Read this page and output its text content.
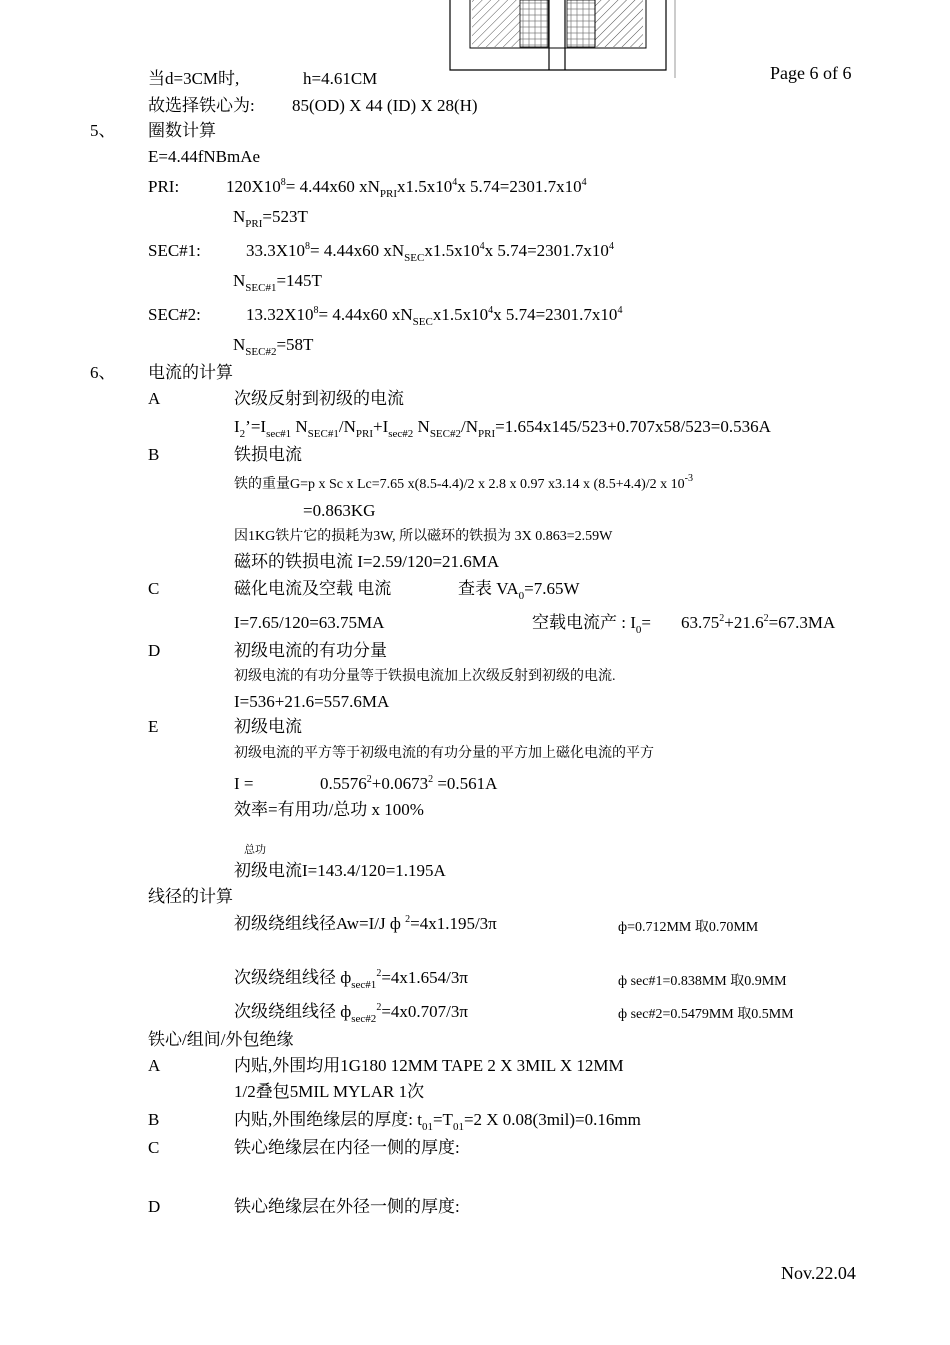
Page 6 of 6
当d=3CM时,	h=4.61CM
故选择铁心为: 85(OD) X 44 (ID) X 28(H)
5、 圈数计算
E=4.44fNBmAe
PRI:	$120X10^8= 4.44x60$ $xN_{PRI}x1.5x10^4x$ $5.74=2301.7x10^4$
$N_{PRI}=523T$
SEC#1:	$33.3X10^8= 4.44x60$ $xN_{SEC}x1.5x10^4x$ $5.74=2301.7x10^4$
$N_{SEC\#1}=145T$
SEC#2:	$13.32X10^8= 4.44x60$ $xN_{SEC}x1.5x10^4x$ $5.74=2301.7x10^4$
$N_{SEC\#2}=58T$
6、 电流的计算
A	次级反射到初级的电流
$I_2’=I_{sec\#1}$ $N_{SEC\#1}/N_{PRI}+I_{sec\#2}$ $N_{SEC\#2}/N_{PRI}=1.654x145/523+0.707x58/523=0.536A$
B	铁损电流
铁的重量G=p x Sc x Lc=7.65 x(8.5-4.4)/2 x 2.8 x 0.97 x3.14 x (8.5+4.4)/2 x $10^{-3}$
=0.863KG
因1KG铁片它的损耗为3W, 所以磁环的铁损为 3X 0.863=2.59W
磁环的铁损电流 I=2.59/120=21.6MA
C	磁化电流及空载 电流	查表 $VA_0=7.65W$
I=7.65/120=63.75MA	空载电流产 : $I_0= 63.75^2+21.6^2=67.3MA$
D	初级电流的有功分量
初级电流的有功分量等于铁损电流加上次级反射到初级的电流.
I=536+21.6=557.6MA
E	初级电流
初级电流的平方等于初级电流的有功分量的平方加上磁化电流的平方
I =	$0.5576^2+0.0673^2 =0.561A$
效率=有用功/总功 x 100%
总功
初级电流I=143.4/120=1.195A
线径的计算
初级绕组线径Aw=I/J ф $^2$=4x1.195/3π	ф=0.712MM 取0.70MM
次级绕组线径 $ф_{sec\#1}^2=4x1.654/3\pi$	ф sec#1=0.838MM 取0.9MM
次级绕组线径 $ф_{sec\#2}^2=4x0.707/3\pi$	ф sec#2=0.5479MM 取0.5MM
铁心/组间/外包绝缘
A	内贴,外围均用1G180 12MM TAPE 2 X 3MIL X 12MM
1/2叠包5MIL MYLAR 1次
B	内贴,外围绝缘层的厚度: $t_{01}=T_{01}=2$ X 0.08(3mil)=0.16mm
C	铁心绝缘层在内径一侧的厚度:
D	铁心绝缘层在外径一侧的厚度:
Nov.22.04
